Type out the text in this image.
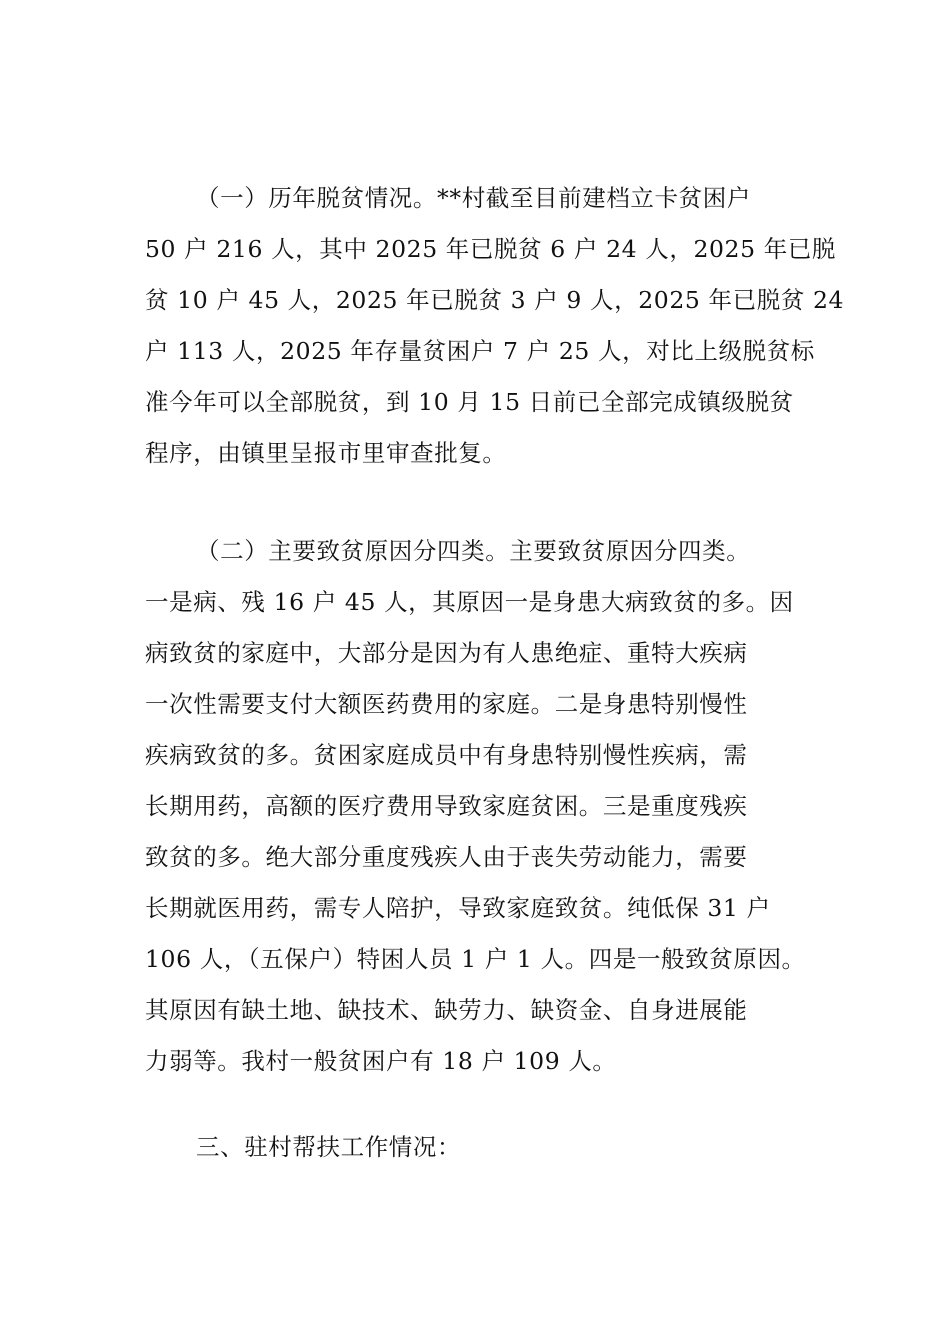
（一）历年脱贫情况。**村截至目前建档立卡贫困户
50 户 216 人，其中 2025 年已脱贫 6 户 24 人，2025 年已脱
贫 10 户 45 人，2025 年已脱贫 3 户 9 人，2025 年已脱贫 24
户 113 人，2025 年存量贫困户 7 户 25 人，对比上级脱贫标
准今年可以全部脱贫，到 10 月 15 日前已全部完成镇级脱贫
程序，由镇里呈报市里审查批复。
（二）主要致贫原因分四类。主要致贫原因分四类。
一是病、残 16 户 45 人，其原因一是身患大病致贫的多。因
病致贫的家庭中，大部分是因为有人患绝症、重特大疾病
一次性需要支付大额医药费用的家庭。二是身患特别慢性
疾病致贫的多。贫困家庭成员中有身患特别慢性疾病，需
长期用药，高额的医疗费用导致家庭贫困。三是重度残疾
致贫的多。绝大部分重度残疾人由于丧失劳动能力，需要
长期就医用药，需专人陪护，导致家庭致贫。纯低保 31 户
106 人，（五保户）特困人员 1 户 1 人。四是一般致贫原因。
其原因有缺土地、缺技术、缺劳力、缺资金、自身进展能
力弱等。我村一般贫困户有 18 户 109 人。
三、驻村帮扶工作情况：
